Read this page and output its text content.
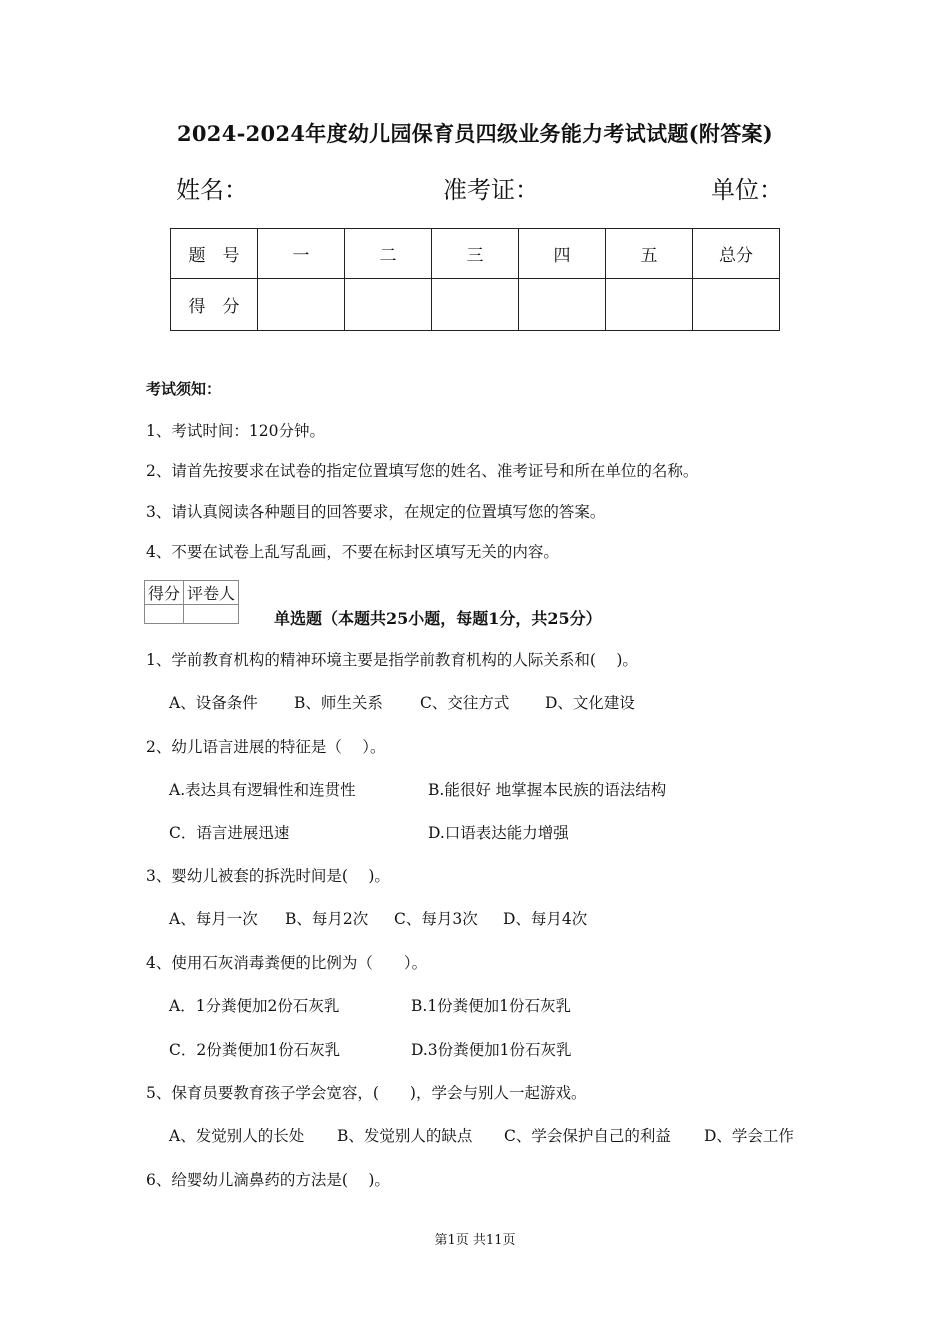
2024-2024年度幼儿园保育员四级业务能力考试试题(附答案)
姓名：	准考证：	单位：
题　号	一	二	三	四	五	总分
得　分						
考试须知：
1、考试时间：120分钟。
2、请首先按要求在试卷的指定位置填写您的姓名、准考证号和所在单位的名称。
3、请认真阅读各种题目的回答要求，在规定的位置填写您的答案。
4、不要在试卷上乱写乱画，不要在标封区填写无关的内容。
得分	评卷人

单选题（本题共25小题，每题1分，共25分）
1、学前教育机构的精神环境主要是指学前教育机构的人际关系和(　 )。
A、设备条件 B、师生关系 C、交往方式 D、文化建设
2、幼儿语言进展的特征是（　 ）。
A.表达具有逻辑性和连贯性	B.能很好 地掌握本民族的语法结构
C．语言进展迅速	D.口语表达能力增强
3、婴幼儿被套的拆洗时间是(　 )。
A、每月一次 B、每月2次 C、每月3次 D、每月4次
4、使用石灰消毒粪便的比例为（　　）。
A．1分粪便加2份石灰乳	B.1份粪便加1份石灰乳
C．2份粪便加1份石灰乳	D.3份粪便加1份石灰乳
5、保育员要教育孩子学会宽容，(　　)，学会与别人一起游戏。
A、发觉别人的长处 B、发觉别人的缺点 C、学会保护自己的利益 D、学会工作
6、给婴幼儿滴鼻药的方法是(　 )。
第1页 共11页
